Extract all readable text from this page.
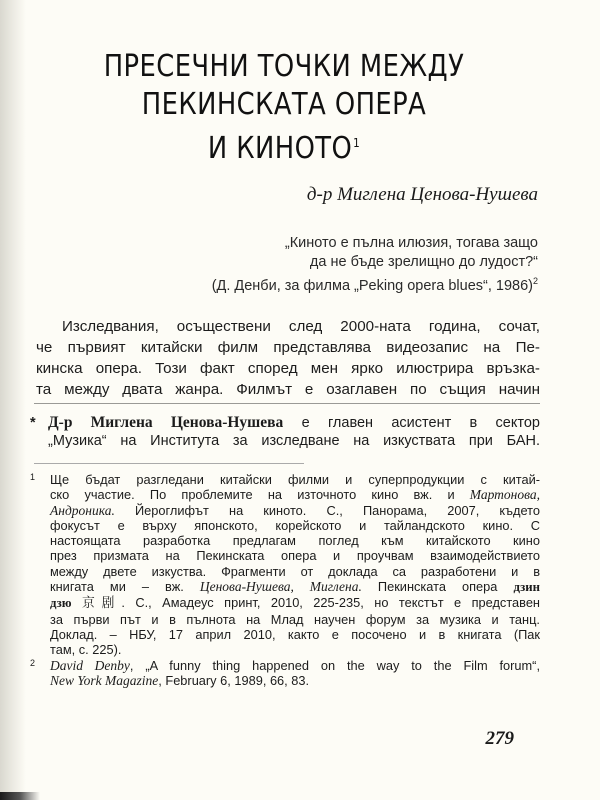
ПРЕСЕЧНИ ТОЧКИ МЕЖДУ
ПЕКИНСКАТА ОПЕРА
И КИНОТО$^1$
д-р Миглена Ценова-Нушева
„Киното е пълна илюзия, тогава защо
да не бъде зрелищно до лудост?“
(Д. Денби, за филма „Peking opera blues“, 1986)$^2$
Изследвания, осъществени след 2000-ната година, сочат,
че първият китайски филм представлява видеозапис на Пе-
кинска опера. Този факт според мен ярко илюстрира връзка-
та между двата жанра. Филмът е озаглавен по същия начин
* Д-р Миглена Ценова-Нушева е главен асистент в сектор
„Музика“ на Института за изследване на изкуствата при БАН.
1 Ще бъдат разгледани китайски филми и суперпродукции с китай-
ско участие. По проблемите на източното кино вж. и Мартонова,
Андроника. Йероглифът на киното. С., Панорама, 2007, където
фокусът е върху японското, корейското и тайландското кино. С
настоящата разработка предлагам поглед към китайското кино
през призмата на Пекинската опера и проучвам взаимодействието
между двете изкуства. Фрагменти от доклада са разработени и в
книгата ми – вж. Ценова-Нушева, Миглена. Пекинската опера дзин
дзю 京剧. С., Амадеус принт, 2010, 225-235, но текстът е представен
за първи път и в пълнота на Млад научен форум за музика и танц.
Доклад. – НБУ, 17 април 2010, както е посочено и в книгата (Пак
там, с. 225).
2 David Denby, „A funny thing happened on the way to the Film forum“,
New York Magazine, February 6, 1989, 66, 83.
279
